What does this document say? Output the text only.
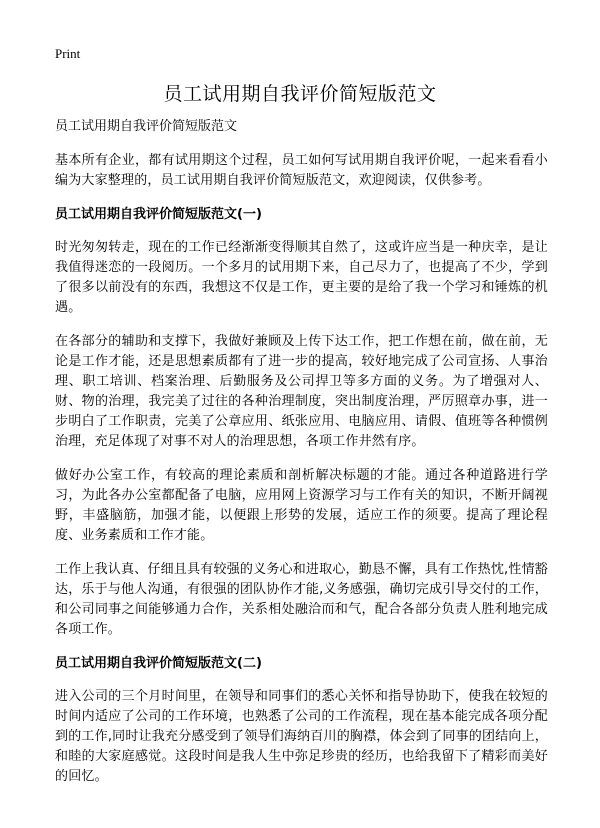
Print
员工试用期自我评价简短版范文
员工试用期自我评价简短版范文

基本所有企业，都有试用期这个过程，员工如何写试用期自我评价呢，一起来看看小编为大家整理的，员工试用期自我评价简短版范文，欢迎阅读，仅供参考。

员工试用期自我评价简短版范文(一)

时光匆匆转走，现在的工作已经渐渐变得顺其自然了，这或许应当是一种庆幸，是让我值得迷恋的一段阅历。一个多月的试用期下来，自己尽力了，也提高了不少，学到了很多以前没有的东西，我想这不仅是工作，更主要的是给了我一个学习和锤炼的机遇。

在各部分的辅助和支撑下，我做好兼顾及上传下达工作，把工作想在前，做在前，无论是工作才能，还是思想素质都有了进一步的提高，较好地完成了公司宣扬、人事治理、职工培训、档案治理、后勤服务及公司捍卫等多方面的义务。为了增强对人、财、物的治理，我完美了过往的各种治理制度，突出制度治理，严厉照章办事，进一步明白了工作职责，完美了公章应用、纸张应用、电脑应用、请假、值班等各种惯例治理，充足体现了对事不对人的治理思想，各项工作井然有序。

做好办公室工作，有较高的理论素质和剖析解决标题的才能。通过各种道路进行学习，为此各办公室都配备了电脑，应用网上资源学习与工作有关的知识，不断开阔视野，丰盛脑筋，加强才能，以便跟上形势的发展，适应工作的须要。提高了理论程度、业务素质和工作才能。

工作上我认真、仔细且具有较强的义务心和进取心，勤恳不懈，具有工作热忱,性情豁达，乐于与他人沟通，有很强的团队协作才能,义务感强，确切完成引导交付的工作，和公司同事之间能够通力合作，关系相处融洽而和气，配合各部分负责人胜利地完成各项工作。

员工试用期自我评价简短版范文(二)

进入公司的三个月时间里，在领导和同事们的悉心关怀和指导协助下，使我在较短的时间内适应了公司的工作环境，也熟悉了公司的工作流程，现在基本能完成各项分配到的工作,同时让我充分感受到了领导们海纳百川的胸襟，体会到了同事的团结向上，和睦的大家庭感觉。这段时间是我人生中弥足珍贵的经历，也给我留下了精彩而美好的回忆。
